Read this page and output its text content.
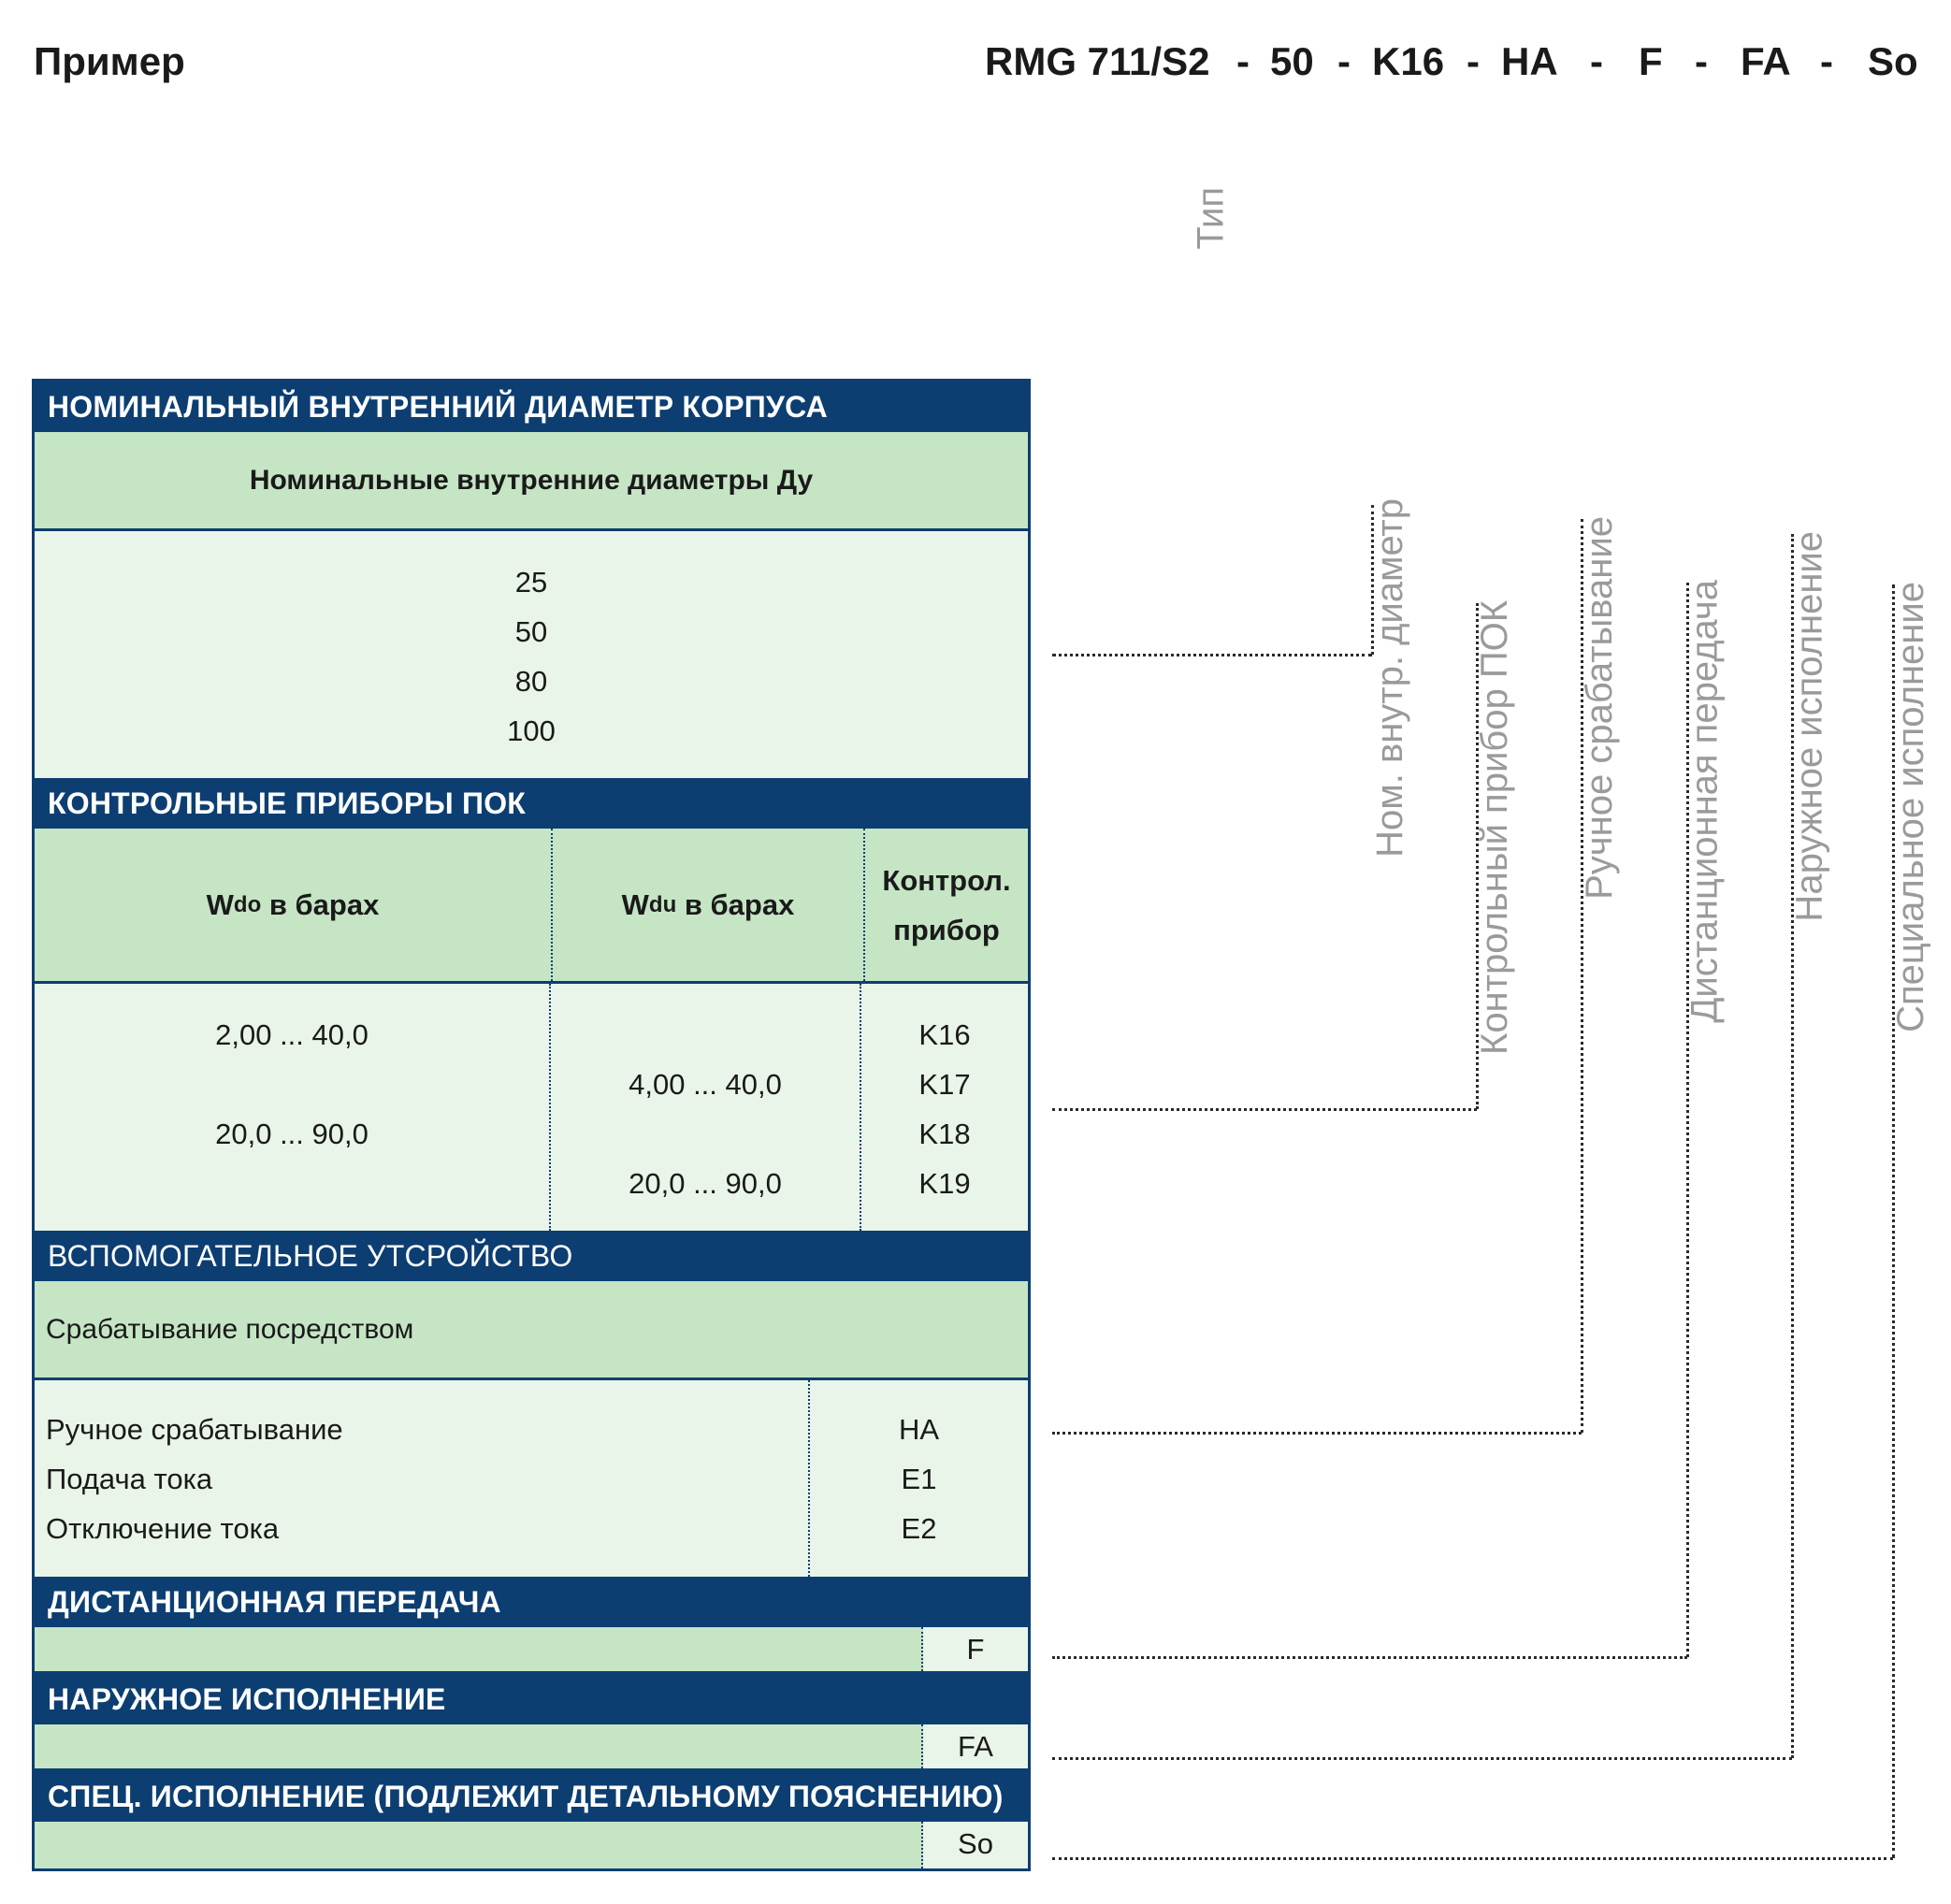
Пример	RMG 711/S2 - 50 - K16 - HA - F - FA - So
Тип
Ном. внутр. диаметр Контрольный прибор ПОК Ручное срабатывание Дистанционная передача Наружное исполнение Специальное исполнение
НОМИНАЛЬНЫЙ ВНУТРЕННИЙ ДИАМЕТР КОРПУСА
Номинальные внутренние диаметры Ду
25
50
80
100
КОНТРОЛЬНЫЕ ПРИБОРЫ ПОК
W do в барах	W du в барах
Контрол.
прибор
2,00 ... 40,0
20,0 ... 90,0
4,00 ... 40,0
20,0 ... 90,0
K16
K17
K18
K19
ВСПОМОГАТЕЛЬНОЕ УТСРОЙСТВО
Срабатывание посредством
Ручное срабатывание
Подача тока
Отключение тока
HA
E1
E2
ДИСТАНЦИОННАЯ ПЕРЕДАЧА
F
НАРУЖНОЕ ИСПОЛНЕНИЕ
FA
СПЕЦ. ИСПОЛНЕНИЕ (ПОДЛЕЖИТ ДЕТАЛЬНОМУ ПОЯСНЕНИЮ)
So
